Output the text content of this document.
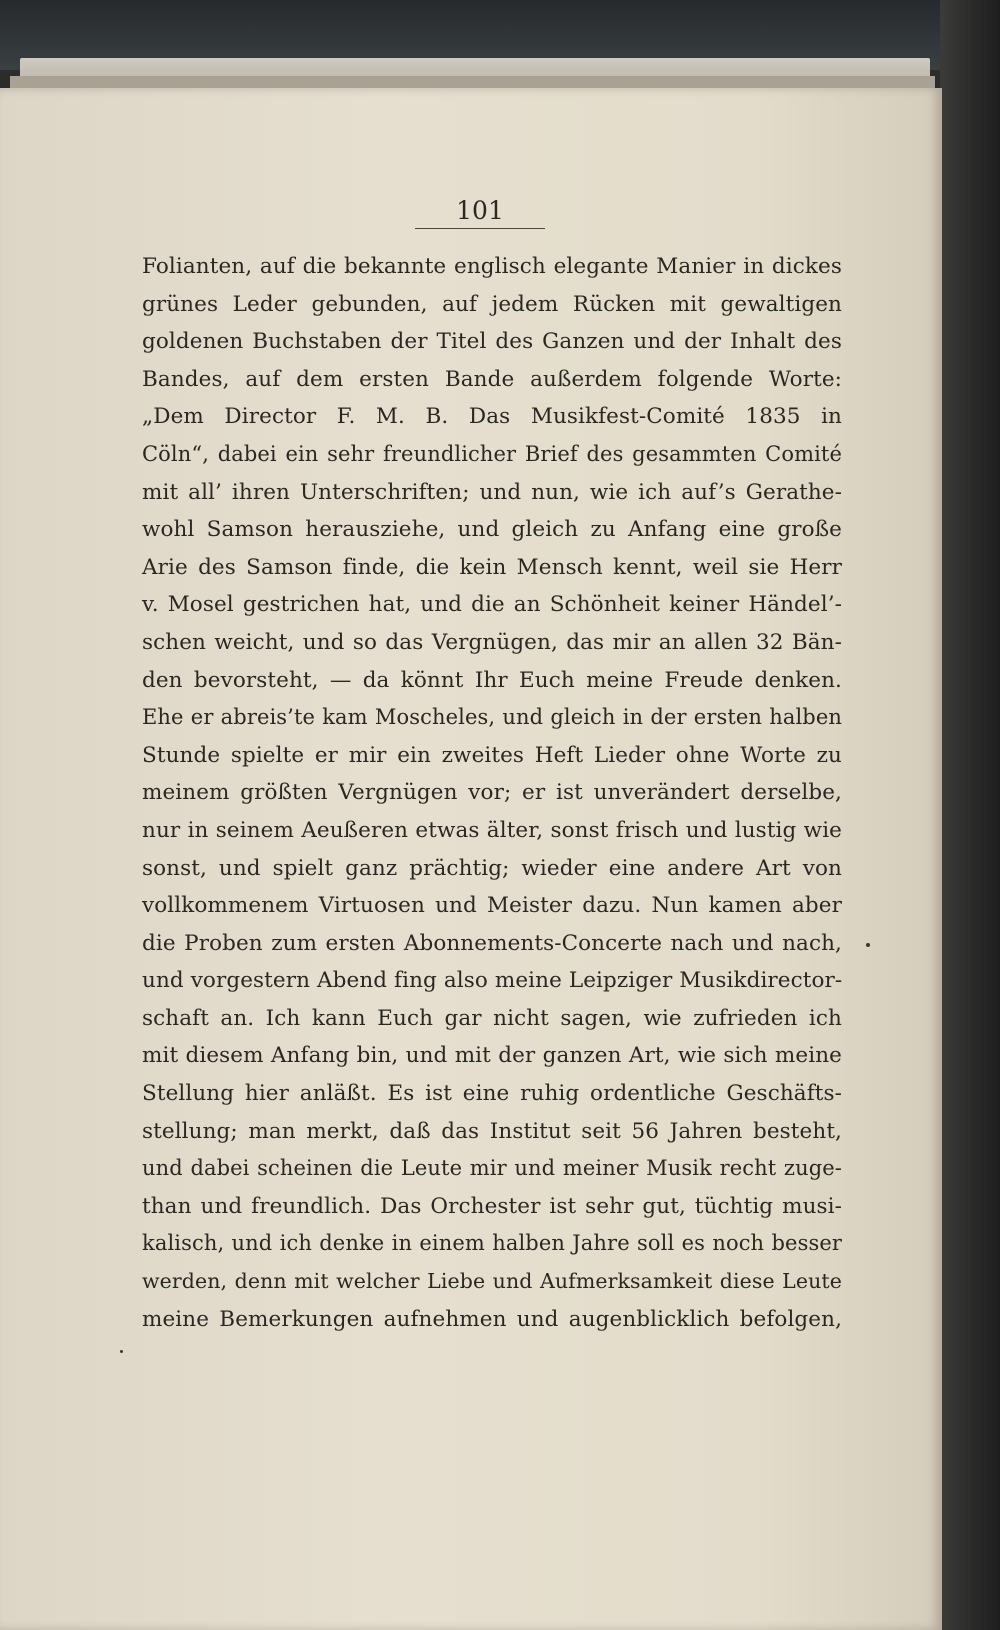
101

Folianten, auf die bekannte englisch elegante Manier in dickes
grünes Leder gebunden, auf jedem Rücken mit gewaltigen
goldenen Buchstaben der Titel des Ganzen und der Inhalt des
Bandes, auf dem ersten Bande außerdem folgende Worte:
„Dem Director F. M. B. Das Musikfest-Comité 1835 in
Cöln“, dabei ein sehr freundlicher Brief des gesammten Comité
mit all’ ihren Unterschriften; und nun, wie ich auf’s Gerathe-
wohl Samson herausziehe, und gleich zu Anfang eine große
Arie des Samson finde, die kein Mensch kennt, weil sie Herr
v. Mosel gestrichen hat, und die an Schönheit keiner Händel’-
schen weicht, und so das Vergnügen, das mir an allen 32 Bän-
den bevorsteht, — da könnt Ihr Euch meine Freude denken.
Ehe er abreis’te kam Moscheles, und gleich in der ersten halben
Stunde spielte er mir ein zweites Heft Lieder ohne Worte zu
meinem größten Vergnügen vor; er ist unverändert derselbe,
nur in seinem Aeußeren etwas älter, sonst frisch und lustig wie
sonst, und spielt ganz prächtig; wieder eine andere Art von
vollkommenem Virtuosen und Meister dazu. Nun kamen aber
die Proben zum ersten Abonnements-Concerte nach und nach,
und vorgestern Abend fing also meine Leipziger Musikdirector-
schaft an. Ich kann Euch gar nicht sagen, wie zufrieden ich
mit diesem Anfang bin, und mit der ganzen Art, wie sich meine
Stellung hier anläßt. Es ist eine ruhig ordentliche Geschäfts-
stellung; man merkt, daß das Institut seit 56 Jahren besteht,
und dabei scheinen die Leute mir und meiner Musik recht zuge-
than und freundlich. Das Orchester ist sehr gut, tüchtig musi-
kalisch, und ich denke in einem halben Jahre soll es noch besser
werden, denn mit welcher Liebe und Aufmerksamkeit diese Leute
meine Bemerkungen aufnehmen und augenblicklich befolgen,
